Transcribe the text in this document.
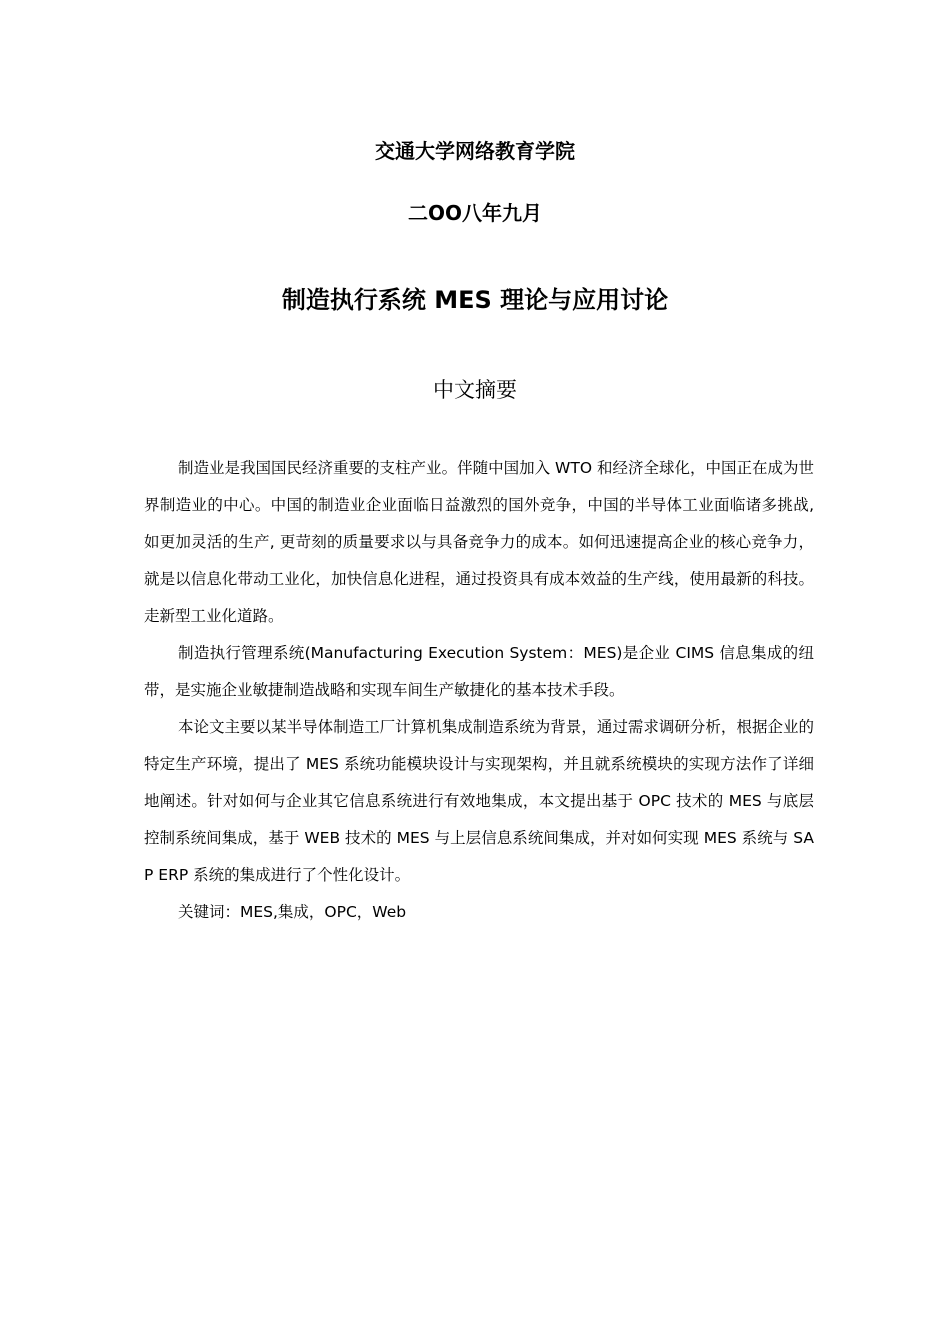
交通大学网络教育学院
二OO八年九月
制造执行系统 MES 理论与应用讨论
中文摘要

制造业是我国国民经济重要的支柱产业。伴随中国加入 WTO 和经济全球化，中国正在成为世界制造业的中心。中国的制造业企业面临日益激烈的国外竞争，中国的半导体工业面临诸多挑战, 如更加灵活的生产, 更苛刻的质量要求以与具备竞争力的成本。如何迅速提高企业的核心竞争力，就是以信息化带动工业化，加快信息化进程，通过投资具有成本效益的生产线，使用最新的科技。走新型工业化道路。

制造执行管理系统(Manufacturing Execution System：MES)是企业 CIMS 信息集成的纽带，是实施企业敏捷制造战略和实现车间生产敏捷化的基本技术手段。

本论文主要以某半导体制造工厂计算机集成制造系统为背景，通过需求调研分析，根据企业的特定生产环境，提出了 MES 系统功能模块设计与实现架构，并且就系统模块的实现方法作了详细地阐述。针对如何与企业其它信息系统进行有效地集成，本文提出基于 OPC 技术的 MES 与底层控制系统间集成，基于 WEB 技术的 MES 与上层信息系统间集成，并对如何实现 MES 系统与 SAP ERP 系统的集成进行了个性化设计。

关键词：MES,集成，OPC，Web
